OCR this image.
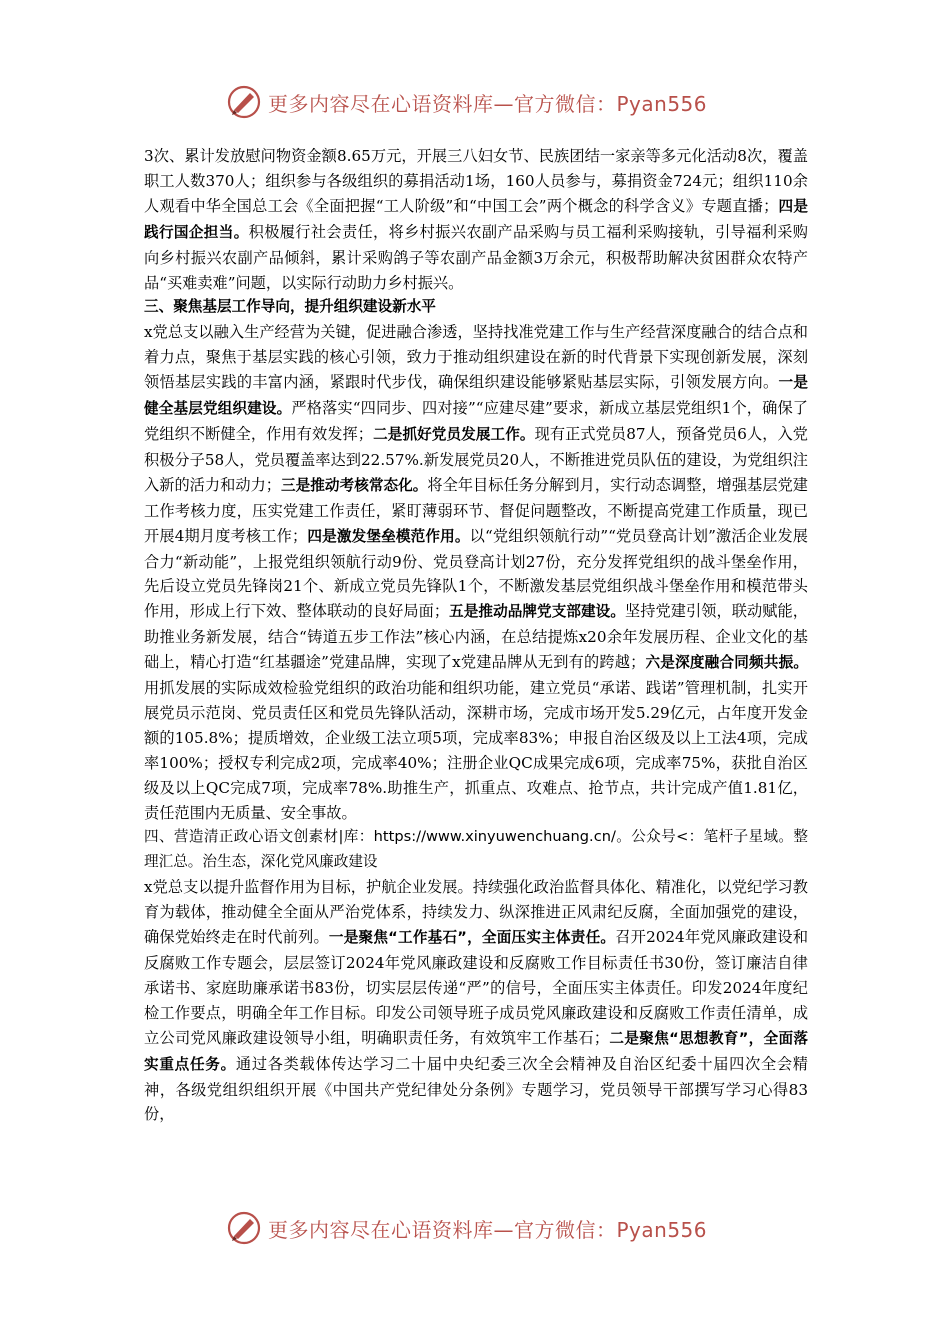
更多内容尽在心语资料库—官方微信：Pyan556

3次、累计发放慰问物资金额8.65万元，开展三八妇女节、民族团结一家亲等多元化活动8次，覆盖职工人数370人；组织参与各级组织的募捐活动1场，160人员参与，募捐资金724元；组织110余人观看中华全国总工会《全面把握“工人阶级”和“中国工会”两个概念的科学含义》专题直播；四是践行国企担当。积极履行社会责任，将乡村振兴农副产品采购与员工福利采购接轨，引导福利采购向乡村振兴农副产品倾斜，累计采购鸽子等农副产品金额3万余元，积极帮助解决贫困群众农特产品“买难卖难”问题，以实际行动助力乡村振兴。

三、聚焦基层工作导向，提升组织建设新水平

x党总支以融入生产经营为关键，促进融合渗透，坚持找准党建工作与生产经营深度融合的结合点和着力点，聚焦于基层实践的核心引领，致力于推动组织建设在新的时代背景下实现创新发展，深刻领悟基层实践的丰富内涵，紧跟时代步伐，确保组织建设能够紧贴基层实际，引领发展方向。一是健全基层党组织建设。严格落实“四同步、四对接”“应建尽建”要求，新成立基层党组织1个，确保了党组织不断健全，作用有效发挥；二是抓好党员发展工作。现有正式党员87人，预备党员6人，入党积极分子58人，党员覆盖率达到22.57%.新发展党员20人，不断推进党员队伍的建设，为党组织注入新的活力和动力；三是推动考核常态化。将全年目标任务分解到月，实行动态调整，增强基层党建工作考核力度，压实党建工作责任，紧盯薄弱环节、督促问题整改，不断提高党建工作质量，现已开展4期月度考核工作；四是激发堡垒模范作用。以“党组织领航行动”“党员登高计划”激活企业发展合力“新动能”，上报党组织领航行动9份、党员登高计划27份，充分发挥党组织的战斗堡垒作用，先后设立党员先锋岗21个、新成立党员先锋队1个，不断激发基层党组织战斗堡垒作用和模范带头作用，形成上行下效、整体联动的良好局面；五是推动品牌党支部建设。坚持党建引领，联动赋能，助推业务新发展，结合“铸道五步工作法”核心内涵，在总结提炼x20余年发展历程、企业文化的基础上，精心打造“红基疆途”党建品牌，实现了x党建品牌从无到有的跨越；六是深度融合同频共振。用抓发展的实际成效检验党组织的政治功能和组织功能，建立党员“承诺、践诺”管理机制，扎实开展党员示范岗、党员责任区和党员先锋队活动，深耕市场，完成市场开发5.29亿元，占年度开发金额的105.8%；提质增效，企业级工法立项5项，完成率83%；申报自治区级及以上工法4项，完成率100%；授权专利完成2项，完成率40%；注册企业QC成果完成6项，完成率75%，获批自治区级及以上QC完成7项，完成率78%.助推生产，抓重点、攻难点、抢节点，共计完成产值1.81亿，责任范围内无质量、安全事故。

四、营造清正政心语文创素材|库：https://www.xinyuwenchuang.cn/。公众号<：笔杆子星域。整理汇总。治生态，深化党风廉政建设

x党总支以提升监督作用为目标，护航企业发展。持续强化政治监督具体化、精准化，以党纪学习教育为载体，推动健全全面从严治党体系，持续发力、纵深推进正风肃纪反腐，全面加强党的建设，确保党始终走在时代前列。一是聚焦“工作基石”，全面压实主体责任。召开2024年党风廉政建设和反腐败工作专题会，层层签订2024年党风廉政建设和反腐败工作目标责任书30份，签订廉洁自律承诺书、家庭助廉承诺书83份，切实层层传递“严”的信号，全面压实主体责任。印发2024年度纪检工作要点，明确全年工作目标。印发公司领导班子成员党风廉政建设和反腐败工作责任清单，成立公司党风廉政建设领导小组，明确职责任务，有效筑牢工作基石；二是聚焦“思想教育”，全面落实重点任务。通过各类载体传达学习二十届中央纪委三次全会精神及自治区纪委十届四次全会精神，各级党组织组织开展《中国共产党纪律处分条例》专题学习，党员领导干部撰写学习心得83份，

更多内容尽在心语资料库—官方微信：Pyan556
